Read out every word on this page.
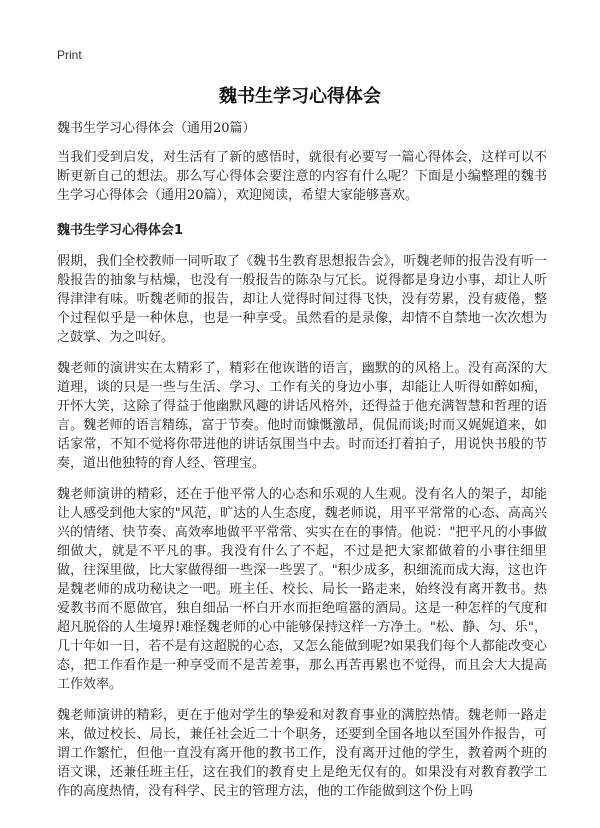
Print
魏书生学习心得体会

魏书生学习心得体会（通用20篇）

当我们受到启发，对生活有了新的感悟时，就很有必要写一篇心得体会，这样可以不断更新自己的想法。那么写心得体会要注意的内容有什么呢？下面是小编整理的魏书生学习心得体会（通用20篇），欢迎阅读，希望大家能够喜欢。

魏书生学习心得体会1

假期，我们全校教师一同听取了《魏书生教育思想报告会》，听魏老师的报告没有听一般报告的抽象与枯燥，也没有一般报告的陈杂与冗长。说得都是身边小事，却让人听得津津有味。听魏老师的报告，却让人觉得时间过得飞快，没有劳累，没有疲倦，整个过程似乎是一种休息，也是一种享受。虽然看的是录像，却情不自禁地一次次想为之鼓掌、为之叫好。

魏老师的演讲实在太精彩了，精彩在他诙谐的语言，幽默的的风格上。没有高深的大道理，谈的只是一些与生活、学习、工作有关的身边小事，却能让人听得如醉如痴，开怀大笑，这除了得益于他幽默风趣的讲话风格外，还得益于他充满智慧和哲理的语言。魏老师的语言精练，富于节奏。他时而慷慨激昂，侃侃而谈;时而又娓娓道来，如话家常，不知不觉将你带进他的讲话氛围当中去。时而还打着拍子，用说快书般的节奏，道出他独特的育人经、管理宝。

魏老师演讲的精彩，还在于他平常人的心态和乐观的人生观。没有名人的架子，却能让人感受到他大家的"风范，旷达的人生态度，魏老师说，用平平常常的心态、高高兴兴的情绪、快节奏、高效率地做平平常常、实实在在的事情。他说："把平凡的小事做细做大，就是不平凡的事。我没有什么了不起，不过是把大家都做着的小事往细里做，往深里做，比大家做得细一些深一些罢了。"积少成多，积细流而成大海，这也许是魏老师的成功秘诀之一吧。班主任、校长、局长一路走来，始终没有离开教书。热爱教书而不愿做官，独自细品一杯白开水而拒绝喧嚣的酒局。这是一种怎样的气度和超凡脱俗的人生境界!难怪魏老师的心中能够保持这样一方净土。"松、静、匀、乐"，几十年如一日，若不是有这超脱的心态，又怎么能做到呢?如果我们每个人都能改变心态，把工作看作是一种享受而不是苦差事，那么再苦再累也不觉得，而且会大大提高工作效率。

魏老师演讲的精彩，更在于他对学生的挚爱和对教育事业的满腔热情。魏老师一路走来，做过校长、局长，兼任社会近二十个职务，还要到全国各地以至国外作报告，可谓工作繁忙，但他一直没有离开他的教书工作，没有离开过他的学生，教着两个班的语文课，还兼任班主任，这在我们的教育史上是绝无仅有的。如果没有对教育教学工作的高度热情，没有科学、民主的管理方法，他的工作能做到这个份上吗
